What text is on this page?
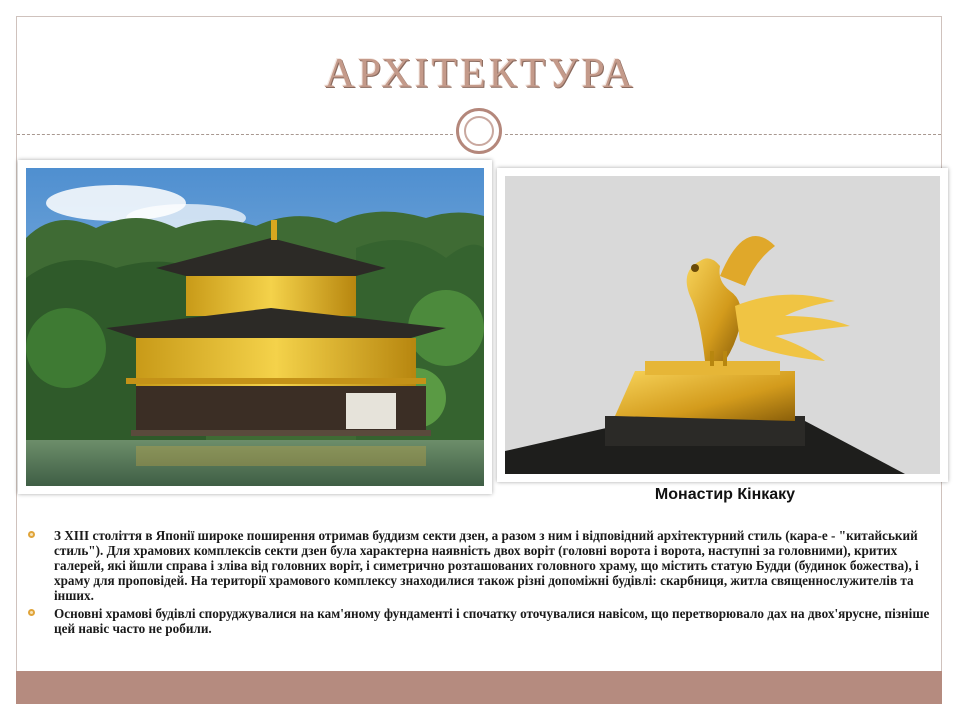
АРХІТЕКТУРА
Монастир Кінкаку
З XIII століття в Японії широке поширення отримав буддизм секти дзен, а разом з ним і відповідний архітектурний стиль (кара-е - "китайський стиль"). Для храмових комплексів секти дзен була характерна наявність двох воріт (головні ворота і ворота, наступні за головними), критих галерей, які йшли справа і зліва від головних воріт, і симетрично розташованих головного храму, що містить статую Будди (будинок божества), і храму для проповідей. На території храмового комплексу знаходилися також різні допоміжні будівлі: скарбниця, житла священнослужителів та інших.
Основні храмові будівлі споруджувалися на кам'яному фундаменті і спочатку оточувалися навісом, що перетворювало дах на двох'ярусне, пізніше цей навіс часто не робили.
